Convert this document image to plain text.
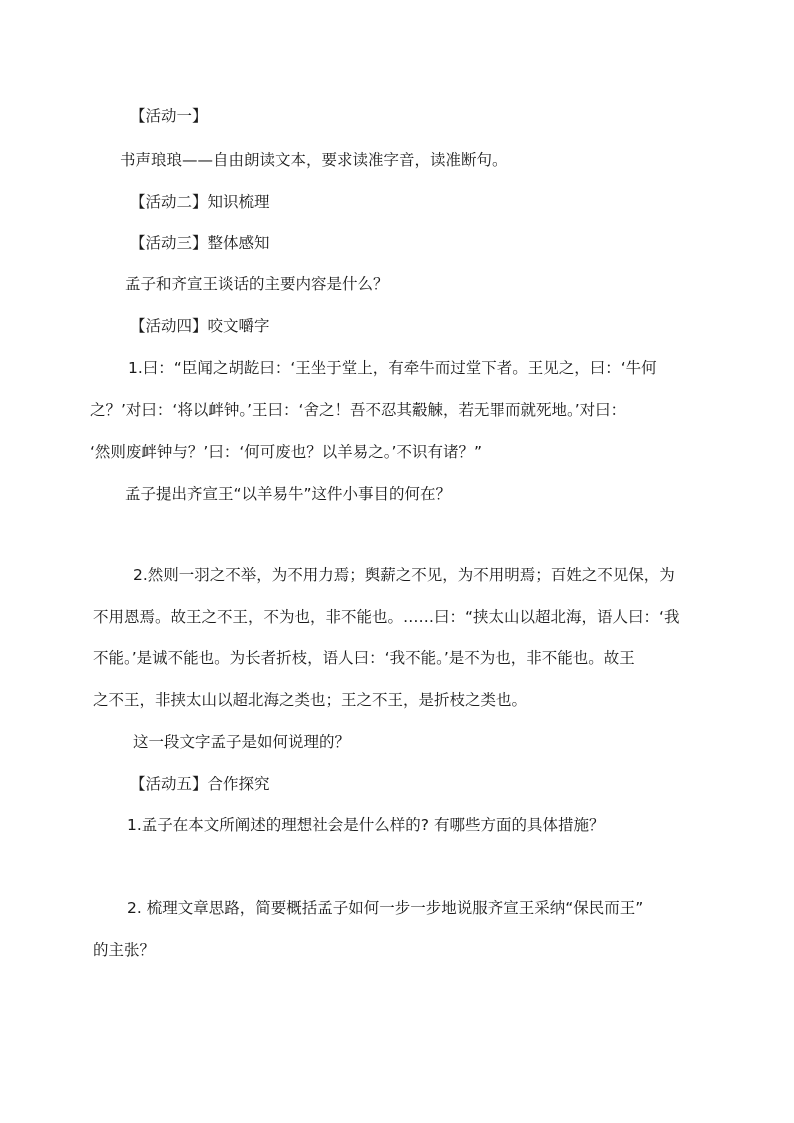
【活动一】
书声琅琅——自由朗读文本，要求读准字音，读准断句。
【活动二】知识梳理
【活动三】整体感知
孟子和齐宣王谈话的主要内容是什么？
【活动四】咬文嚼字
1.曰：“臣闻之胡龁曰：‘王坐于堂上，有牵牛而过堂下者。王见之，曰：‘牛何
之？’对曰：‘将以衅钟。’王曰：‘舍之！吾不忍其觳觫，若无罪而就死地。’对曰：
‘然则废衅钟与？’曰：‘何可废也？以羊易之。’不识有诸？”
孟子提出齐宣王“以羊易牛”这件小事目的何在？
2.然则一羽之不举，为不用力焉；舆薪之不见，为不用明焉；百姓之不见保，为
不用恩焉。故王之不王，不为也，非不能也。……曰：“挟太山以超北海，语人曰：‘我
不能。’是诚不能也。为长者折枝，语人曰：‘我不能。’是不为也，非不能也。故王
之不王，非挟太山以超北海之类也；王之不王，是折枝之类也。
这一段文字孟子是如何说理的？
【活动五】合作探究
1.孟子在本文所阐述的理想社会是什么样的? 有哪些方面的具体措施？
2. 梳理文章思路，简要概括孟子如何一步一步地说服齐宣王采纳“保民而王”
的主张？
